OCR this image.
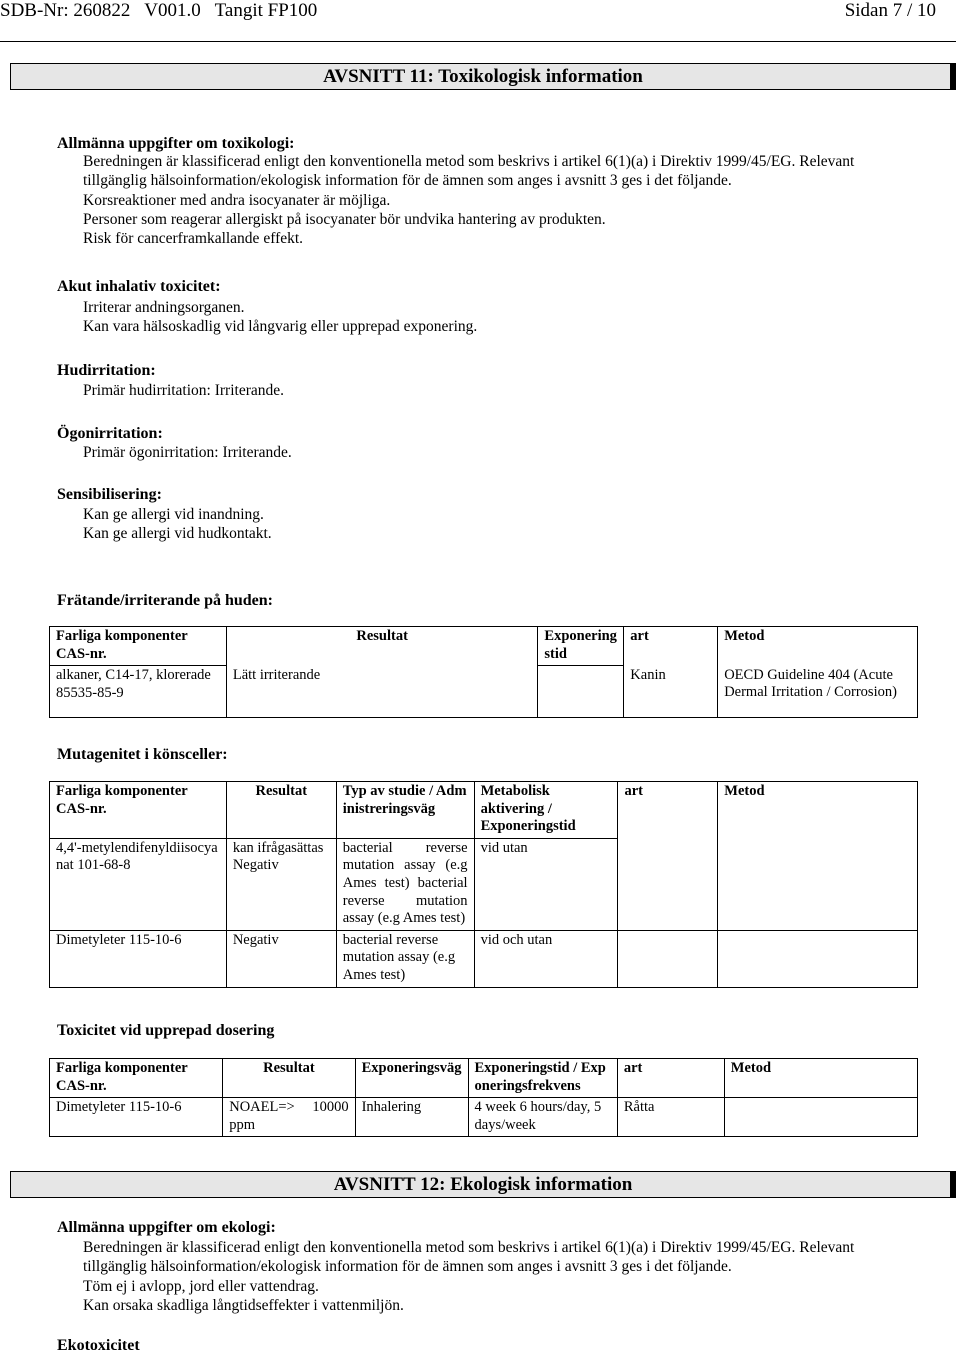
SDB-Nr: 260822   V001.0   Tangit FP100	Sidan 7 / 10
AVSNITT 11: Toxikologisk information
Allmänna uppgifter om toxikologi:
Beredningen är klassificerad enligt den konventionella metod som beskrivs i artikel 6(1)(a) i Direktiv 1999/45/EG. Relevant
tillgänglig hälsoinformation/ekologisk information för de ämnen som anges i avsnitt 3 ges i det följande.
Korsreaktioner med andra isocyanater är möjliga.
Personer som reagerar allergiskt på isocyanater bör undvika hantering av produkten.
Risk för cancerframkallande effekt.
Akut inhalativ toxicitet:
Irriterar andningsorganen.
Kan vara hälsoskadlig vid långvarig eller upprepad exponering.
Hudirritation:
Primär hudirritation: Irriterande.
Ögonirritation:
Primär ögonirritation: Irriterande.
Sensibilisering:
Kan ge allergi vid inandning.
Kan ge allergi vid hudkontakt.
Frätande/irriterande på huden:
Farliga komponenter CAS-nr.	Resultat	Exponeringstid	art	Metod
alkaner, C14-17, klorerade 85535-85-9	Lätt irriterande		Kanin	OECD Guideline 404 (Acute Dermal Irritation / Corrosion)
Mutagenitet i könsceller:
Farliga komponenter CAS-nr.	Resultat	Typ av studie / Administreringsväg	Metabolisk aktivering / Exponeringstid	art	Metod
4,4'-metylendifenyldiisocyanat 101-68-8	kan ifrågasättas Negativ	bacterial reverse mutation assay (e.g Ames test) bacterial reverse mutation assay (e.g Ames test)	vid utan		
Dimetyleter 115-10-6	Negativ	bacterial reverse mutation assay (e.g Ames test)	vid och utan		
Toxicitet vid upprepad dosering
Farliga komponenter CAS-nr.	Resultat	Exponeringsväg	Exponeringstid / Exponeringsfrekvens	art	Metod
Dimetyleter 115-10-6	NOAEL=> 10000 ppm	Inhalering	4 week 6 hours/day, 5 days/week	Råtta	
AVSNITT 12: Ekologisk information
Allmänna uppgifter om ekologi:
Beredningen är klassificerad enligt den konventionella metod som beskrivs i artikel 6(1)(a) i Direktiv 1999/45/EG. Relevant
tillgänglig hälsoinformation/ekologisk information för de ämnen som anges i avsnitt 3 ges i det följande.
Töm ej i avlopp, jord eller vattendrag.
Kan orsaka skadliga långtidseffekter i vattenmiljön.
Ekotoxicitet
